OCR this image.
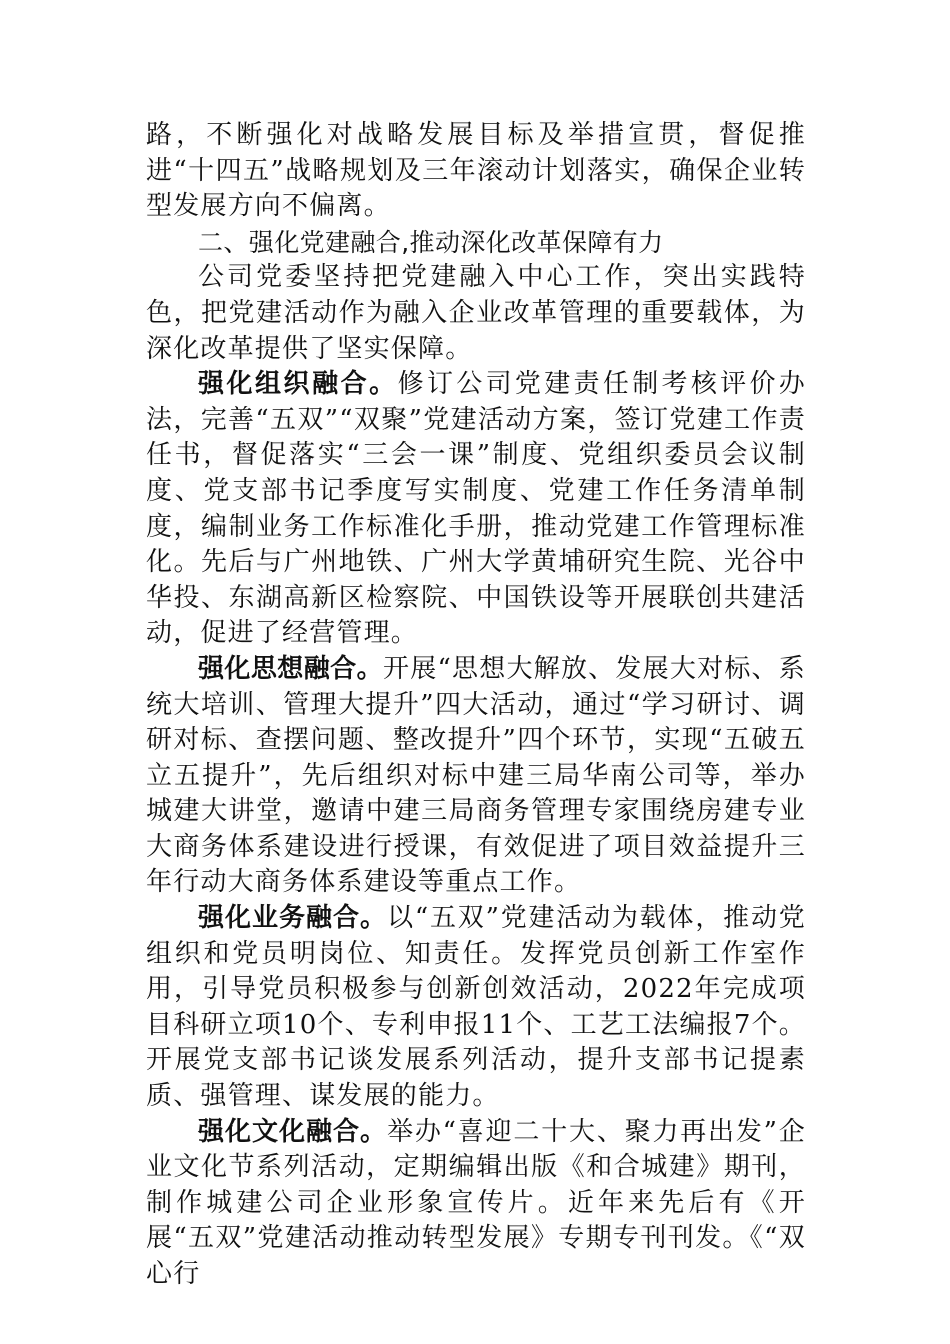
路，不断强化对战略发展目标及举措宣贯，督促推进“十四五”战略规划及三年滚动计划落实，确保企业转型发展方向不偏离。

二、强化党建融合,推动深化改革保障有力

公司党委坚持把党建融入中心工作，突出实践特色，把党建活动作为融入企业改革管理的重要载体，为深化改革提供了坚实保障。

强化组织融合。修订公司党建责任制考核评价办法，完善“五双”“双聚”党建活动方案，签订党建工作责任书，督促落实“三会一课”制度、党组织委员会议制度、党支部书记季度写实制度、党建工作任务清单制度，编制业务工作标准化手册，推动党建工作管理标准化。先后与广州地铁、广州大学黄埔研究生院、光谷中华投、东湖高新区检察院、中国铁设等开展联创共建活动，促进了经营管理。

强化思想融合。开展“思想大解放、发展大对标、系统大培训、管理大提升”四大活动，通过“学习研讨、调研对标、查摆问题、整改提升”四个环节，实现“五破五立五提升”，先后组织对标中建三局华南公司等，举办城建大讲堂，邀请中建三局商务管理专家围绕房建专业大商务体系建设进行授课，有效促进了项目效益提升三年行动大商务体系建设等重点工作。

强化业务融合。以“五双”党建活动为载体，推动党组织和党员明岗位、知责任。发挥党员创新工作室作用，引导党员积极参与创新创效活动，2022年完成项目科研立项10个、专利申报11个、工艺工法编报7个。开展党支部书记谈发展系列活动，提升支部书记提素质、强管理、谋发展的能力。

强化文化融合。举办“喜迎二十大、聚力再出发”企业文化节系列活动，定期编辑出版《和合城建》期刊，制作城建公司企业形象宣传片。近年来先后有《开展“五双”党建活动推动转型发展》专期专刊刊发。《“双心行
